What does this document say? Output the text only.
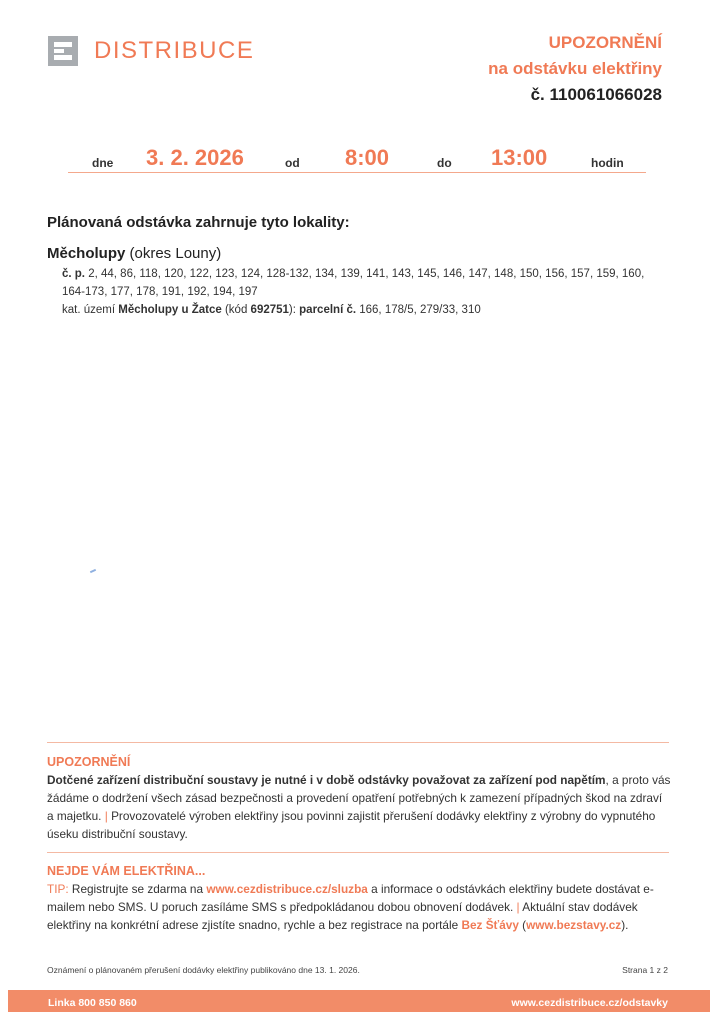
DISTRIBUCE	UPOZORNĚNÍ
na odstávku elektřiny
č. 110061066028
dne 3. 2. 2026	od 8:00	do 13:00	hodin
Plánovaná odstávka zahrnuje tyto lokality:
Měcholupy (okres Louny)
č. p. 2, 44, 86, 118, 120, 122, 123, 124, 128-132, 134, 139, 141, 143, 145, 146, 147, 148, 150, 156, 157, 159, 160, 164-173, 177, 178, 191, 192, 194, 197
kat. území Měcholupy u Žatce (kód 692751): parcelní č. 166, 178/5, 279/33, 310
UPOZORNĚNÍ
Dotčené zařízení distribuční soustavy je nutné i v době odstávky považovat za zařízení pod napětím, a proto vás žádáme o dodržení všech zásad bezpečnosti a provedení opatření potřebných k zamezení případných škod na zdraví a majetku. | Provozovatelé výroben elektřiny jsou povinni zajistit přerušení dodávky elektřiny z výrobny do vypnutého úseku distribuční soustavy.
NEJDE VÁM ELEKTŘINA...
TIP: Registrujte se zdarma na www.cezdistribuce.cz/sluzba a informace o odstávkách elektřiny budete dostávat e-mailem nebo SMS. U poruch zasíláme SMS s předpokládanou dobou obnovení dodávek. | Aktuální stav dodávek elektřiny na konkrétní adrese zjistíte snadno, rychle a bez registrace na portále Bez Šťávy (www.bezstavy.cz).
Oznámení o plánovaném přerušení dodávky elektřiny publikováno dne 13. 1. 2026.	Strana 1 z 2
Linka 800 850 860	www.cezdistribuce.cz/odstavky
